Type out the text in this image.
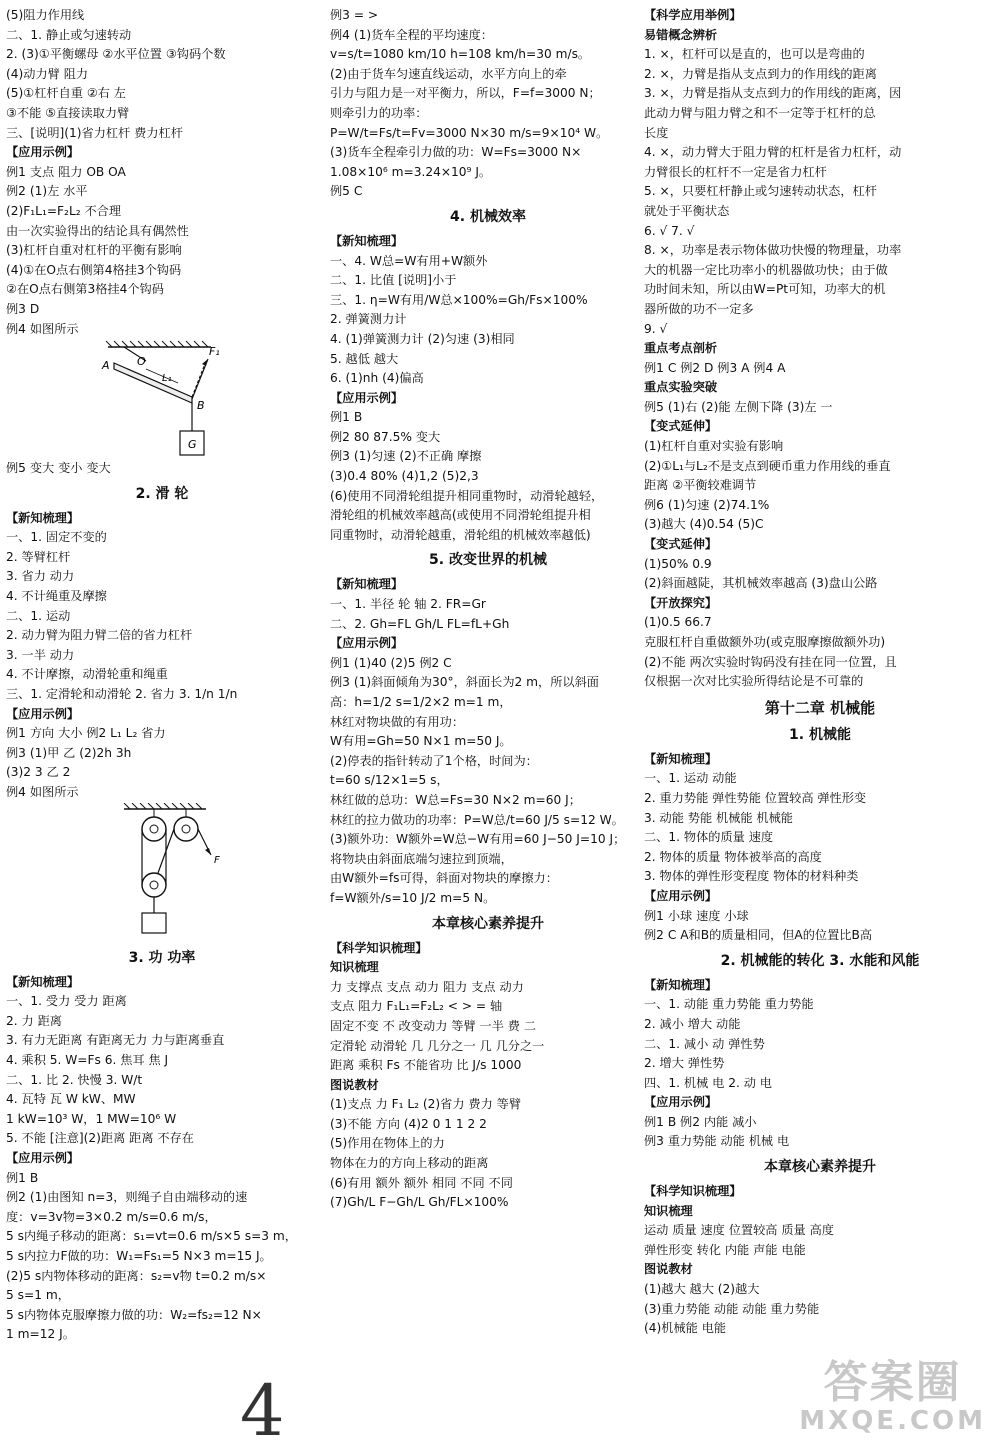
(5)阻力作用线
二、1. 静止或匀速转动
2. (3)①平衡螺母 ②水平位置 ③钩码个数
(4)动力臂 阻力
(5)①杠杆自重 ②右 左
③不能 ⑤直接读取力臂
三、[说明](1)省力杠杆 费力杠杆
【应用示例】
例1 支点 阻力 OB OA
例2 (1)左 水平
(2)F₁L₁=F₂L₂ 不合理
由一次实验得出的结论具有偶然性
(3)杠杆自重对杠杆的平衡有影响
(4)①在O点右侧第4格挂3个钩码
②在O点右侧第3格挂4个钩码
例3 D
例4 如图所示
A O
L₁
F₁
B
G
例5 变大 变小 变大
2. 滑 轮
【新知梳理】
一、1. 固定不变的
2. 等臂杠杆
3. 省力 动力
4. 不计绳重及摩擦
二、1. 运动
2. 动力臂为阻力臂二倍的省力杠杆
3. 一半 动力
4. 不计摩擦，动滑轮重和绳重
三、1. 定滑轮和动滑轮 2. 省力 3. 1/n 1/n
【应用示例】
例1 方向 大小 例2 L₁ L₂ 省力
例3 (1)甲 乙 (2)2h 3h
(3)2 3 乙 2
例4 如图所示
F
3. 功 功率
【新知梳理】
一、1. 受力 受力 距离
2. 力 距离
3. 有力无距离 有距离无力 力与距离垂直
4. 乘积 5. W=Fs 6. 焦耳 焦 J
二、1. 比 2. 快慢 3. W/t
4. 瓦特 瓦 W kW、MW
1 kW=10³ W，1 MW=10⁶ W
5. 不能 [注意](2)距离 距离 不存在
【应用示例】
例1 B
例2 (1)由图知 n=3，则绳子自由端移动的速
度：v=3v物=3×0.2 m/s=0.6 m/s，
5 s内绳子移动的距离：s₁=vt=0.6 m/s×5 s=3 m，
5 s内拉力F做的功：W₁=Fs₁=5 N×3 m=15 J。
(2)5 s内物体移动的距离：s₂=v物 t=0.2 m/s×
5 s=1 m，
5 s内物体克服摩擦力做的功：W₂=fs₂=12 N×
1 m=12 J。
例3 = >
例4 (1)货车全程的平均速度：
v=s/t=1080 km/10 h=108 km/h=30 m/s。
(2)由于货车匀速直线运动，水平方向上的牵
引力与阻力是一对平衡力，所以，F=f=3000 N；
则牵引力的功率：
P=W/t=Fs/t=Fv=3000 N×30 m/s=9×10⁴ W。
(3)货车全程牵引力做的功：W=Fs=3000 N×
1.08×10⁶ m=3.24×10⁹ J。
例5 C
4. 机械效率
【新知梳理】
一、4. W总=W有用+W额外
二、1. 比值 [说明]小于
三、1. η=W有用/W总×100%=Gh/Fs×100%
2. 弹簧测力计
4. (1)弹簧测力计 (2)匀速 (3)相同
5. 越低 越大
6. (1)nh (4)偏高
【应用示例】
例1 B
例2 80 87.5% 变大
例3 (1)匀速 (2)不正确 摩擦
(3)0.4 80% (4)1,2 (5)2,3
(6)使用不同滑轮组提升相同重物时，动滑轮越轻，
滑轮组的机械效率越高(或使用不同滑轮组提升相
同重物时，动滑轮越重，滑轮组的机械效率越低)
5. 改变世界的机械
【新知梳理】
一、1. 半径 轮 轴 2. FR=Gr
二、2. Gh=FL Gh/L FL=fL+Gh
【应用示例】
例1 (1)40 (2)5 例2 C
例3 (1)斜面倾角为30°，斜面长为2 m，所以斜面
高：h=1/2 s=1/2×2 m=1 m，
林红对物块做的有用功：
W有用=Gh=50 N×1 m=50 J。
(2)停表的指针转动了1个格，时间为：
t=60 s/12×1=5 s，
林红做的总功：W总=Fs=30 N×2 m=60 J；
林红的拉力做功的功率：P=W总/t=60 J/5 s=12 W。
(3)额外功：W额外=W总−W有用=60 J−50 J=10 J；
将物块由斜面底端匀速拉到顶端，
由W额外=fs可得，斜面对物块的摩擦力：
f=W额外/s=10 J/2 m=5 N。
本章核心素养提升
【科学知识梳理】
知识梳理
力 支撑点 支点 动力 阻力 支点 动力
支点 阻力 F₁L₁=F₂L₂ < > = 轴
固定不变 不 改变动力 等臂 一半 费 二
定滑轮 动滑轮 几 几分之一 几 几分之一
距离 乘积 Fs 不能省功 比 J/s 1000
图说教材
(1)支点 力 F₁ L₂ (2)省力 费力 等臂
(3)不能 方向 (4)2 0 1 1 2 2
(5)作用在物体上的力
物体在力的方向上移动的距离
(6)有用 额外 额外 相同 不同 不同
(7)Gh/L F−Gh/L Gh/FL×100%
【科学应用举例】
易错概念辨析
1. ×，杠杆可以是直的，也可以是弯曲的
2. ×，力臂是指从支点到力的作用线的距离
3. ×，力臂是指从支点到力的作用线的距离，因
此动力臂与阻力臂之和不一定等于杠杆的总
长度
4. ×，动力臂大于阻力臂的杠杆是省力杠杆，动
力臂很长的杠杆不一定是省力杠杆
5. ×，只要杠杆静止或匀速转动状态，杠杆
就处于平衡状态
6. √ 7. √
8. ×，功率是表示物体做功快慢的物理量，功率
大的机器一定比功率小的机器做功快；由于做
功时间未知，所以由W=Pt可知，功率大的机
器所做的功不一定多
9. √
重点考点剖析
例1 C 例2 D 例3 A 例4 A
重点实验突破
例5 (1)右 (2)能 左侧下降 (3)左 一
【变式延伸】
(1)杠杆自重对实验有影响
(2)①L₁与L₂不是支点到硬币重力作用线的垂直
距离 ②平衡较难调节
例6 (1)匀速 (2)74.1%
(3)越大 (4)0.54 (5)C
【变式延伸】
(1)50% 0.9
(2)斜面越陡，其机械效率越高 (3)盘山公路
【开放探究】
(1)0.5 66.7
克服杠杆自重做额外功(或克服摩擦做额外功)
(2)不能 两次实验时钩码没有挂在同一位置，且
仅根据一次对比实验所得结论是不可靠的
第十二章 机械能
1. 机械能
【新知梳理】
一、1. 运动 动能
2. 重力势能 弹性势能 位置较高 弹性形变
3. 动能 势能 机械能 机械能
二、1. 物体的质量 速度
2. 物体的质量 物体被举高的高度
3. 物体的弹性形变程度 物体的材料种类
【应用示例】
例1 小球 速度 小球
例2 C A和B的质量相同，但A的位置比B高
2. 机械能的转化 3. 水能和风能
【新知梳理】
一、1. 动能 重力势能 重力势能
2. 减小 增大 动能
二、1. 减小 动 弹性势
2. 增大 弹性势
四、1. 机械 电 2. 动 电
【应用示例】
例1 B 例2 内能 减小
例3 重力势能 动能 机械 电
本章核心素养提升
【科学知识梳理】
知识梳理
运动 质量 速度 位置较高 质量 高度
弹性形变 转化 内能 声能 电能
图说教材
(1)越大 越大 (2)越大
(3)重力势能 动能 动能 重力势能
(4)机械能 电能
4	答案圈
MXQE.COM
